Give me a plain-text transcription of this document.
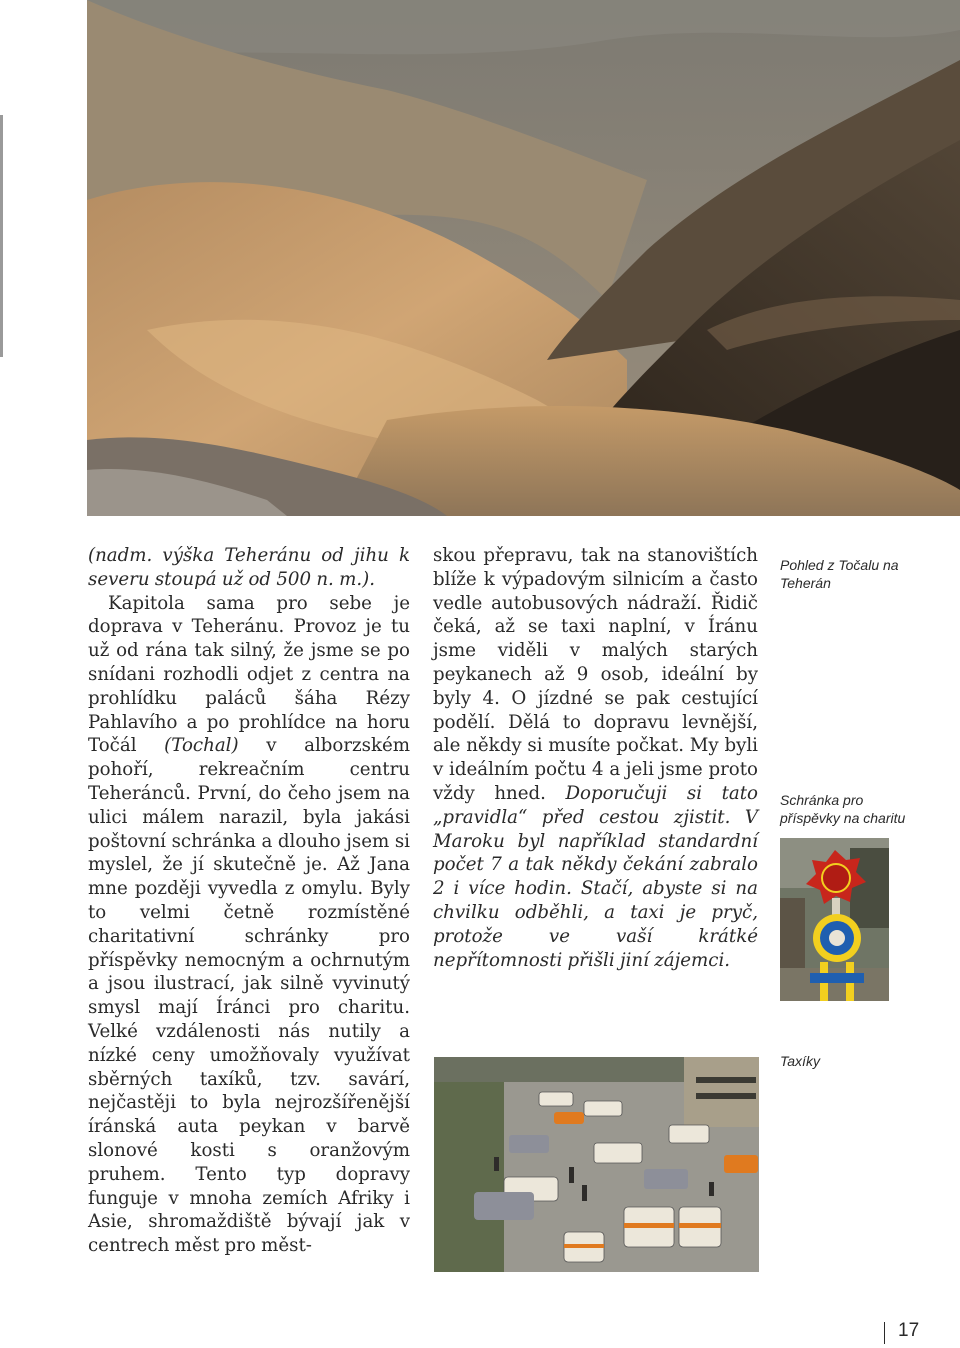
(nadm. výška Teheránu od jihu k severu stoupá už od 500 n. m.).

Kapitola sama pro sebe je doprava v Teheránu. Provoz je tu už od rána tak silný, že jsme se po snídani rozhodli odjet z centra na prohlídku paláců šáha Rézy Pahlavího a po prohlídce na horu Točál (Tochal) v alborzském pohoří, rekreačním centru Teheránců. První, do čeho jsem na ulici málem narazil, byla jakási poštovní schránka a dlouho jsem si myslel, že jí skutečně je. Až Jana mne později vyvedla z omylu. Byly to velmi četně rozmístěné charitativní schránky pro příspěvky nemocným a ochrnutým a jsou ilustrací, jak silně vyvinutý smysl mají Íránci pro charitu. Velké vzdálenosti nás nutily a nízké ceny umožňovaly využívat sběrných taxíků, tzv. savárí, nejčastěji to byla nejrozšířenější íránská auta peykan v barvě slonové kosti s oranžovým pruhem. Tento typ dopravy funguje v mnoha zemích Afriky i Asie, shromaždiště bývají jak v centrech měst pro měst-

skou přepravu, tak na stanovištích blíže k výpadovým silnicím a často vedle autobusových nádraží. Řidič čeká, až se taxi naplní, v Íránu jsme viděli v malých starých peykanech až 9 osob, ideální by byly 4. O jízdné se pak cestující podělí. Dělá to dopravu levnější, ale někdy si musíte počkat. My byli v ideálním počtu 4 a jeli jsme proto vždy hned. Doporučuji si tato „pravidla“ před cestou zjistit. V Maroku byl například standardní počet 7 a tak někdy čekání zabralo 2 i více hodin. Stačí, abyste si na chvilku odběhli, a taxi je pryč, protože ve vaší krátké nepřítomnosti přišli jiní zájemci.

Pohled z Točalu na Teherán
Schránka pro příspěvky na charitu
Taxíky
17
